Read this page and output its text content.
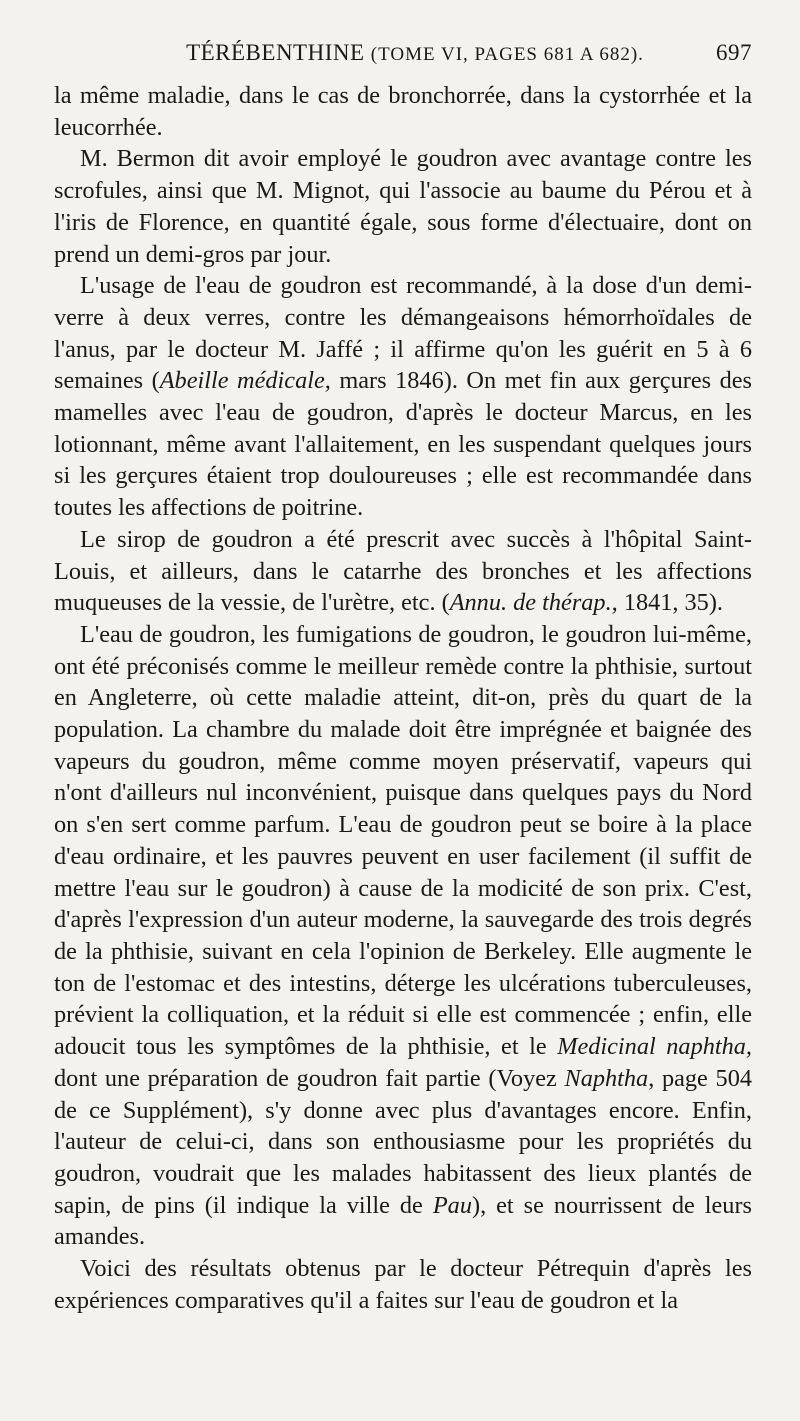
TÉRÉBENTHINE (TOME VI, PAGES 681 A 682).	697

la même maladie, dans le cas de bronchorrée, dans la cystorrhée et la leucorrhée.

M. Bermon dit avoir employé le goudron avec avantage contre les scrofules, ainsi que M. Mignot, qui l'associe au baume du Pérou et à l'iris de Florence, en quantité égale, sous forme d'électuaire, dont on prend un demi-gros par jour.

L'usage de l'eau de goudron est recommandé, à la dose d'un demi-verre à deux verres, contre les démangeaisons hémorrhoïdales de l'anus, par le docteur M. Jaffé ; il affirme qu'on les guérit en 5 à 6 semaines (Abeille médicale, mars 1846). On met fin aux gerçures des mamelles avec l'eau de goudron, d'après le docteur Marcus, en les lotionnant, même avant l'allaitement, en les suspendant quelques jours si les gerçures étaient trop douloureuses ; elle est recommandée dans toutes les affections de poitrine.

Le sirop de goudron a été prescrit avec succès à l'hôpital Saint-Louis, et ailleurs, dans le catarrhe des bronches et les affections muqueuses de la vessie, de l'urètre, etc. (Annu. de thérap., 1841, 35).

L'eau de goudron, les fumigations de goudron, le goudron lui-même, ont été préconisés comme le meilleur remède contre la phthisie, surtout en Angleterre, où cette maladie atteint, dit-on, près du quart de la population. La chambre du malade doit être imprégnée et baignée des vapeurs du goudron, même comme moyen préservatif, vapeurs qui n'ont d'ailleurs nul inconvénient, puisque dans quelques pays du Nord on s'en sert comme parfum. L'eau de goudron peut se boire à la place d'eau ordinaire, et les pauvres peuvent en user facilement (il suffit de mettre l'eau sur le goudron) à cause de la modicité de son prix. C'est, d'après l'expression d'un auteur moderne, la sauvegarde des trois degrés de la phthisie, suivant en cela l'opinion de Berkeley. Elle augmente le ton de l'estomac et des intestins, déterge les ulcérations tuberculeuses, prévient la colliquation, et la réduit si elle est commencée ; enfin, elle adoucit tous les symptômes de la phthisie, et le Medicinal naphtha, dont une préparation de goudron fait partie (Voyez Naphtha, page 504 de ce Supplément), s'y donne avec plus d'avantages encore. Enfin, l'auteur de celui-ci, dans son enthousiasme pour les propriétés du goudron, voudrait que les malades habitassent des lieux plantés de sapin, de pins (il indique la ville de Pau), et se nourrissent de leurs amandes.

Voici des résultats obtenus par le docteur Pétrequin d'après les expériences comparatives qu'il a faites sur l'eau de goudron et la
